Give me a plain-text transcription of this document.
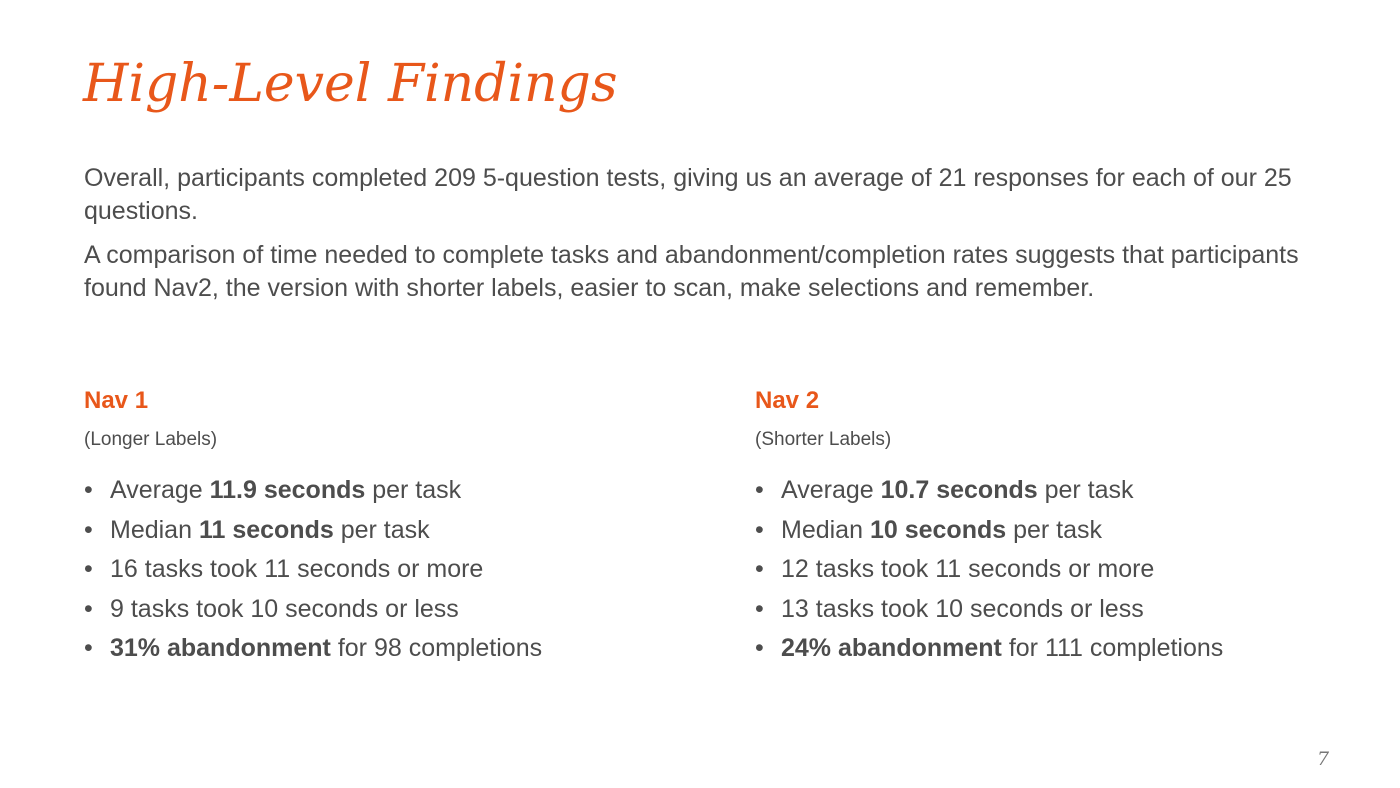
High-Level Findings

Overall, participants completed 209 5-question tests, giving us an average of 21 responses for each of our 25 questions.

A comparison of time needed to complete tasks and abandonment/completion rates suggests that participants found Nav2, the version with shorter labels, easier to scan, make selections and remember.

Nav 1
(Longer Labels)
• Average 11.9 seconds per task
• Median 11 seconds per task
• 16 tasks took 11 seconds or more
• 9 tasks took 10 seconds or less
• 31% abandonment for 98 completions
Nav 2
(Shorter Labels)
• Average 10.7 seconds per task
• Median 10 seconds per task
• 12 tasks took 11 seconds or more
• 13 tasks took 10 seconds or less
• 24% abandonment for 111 completions
7
